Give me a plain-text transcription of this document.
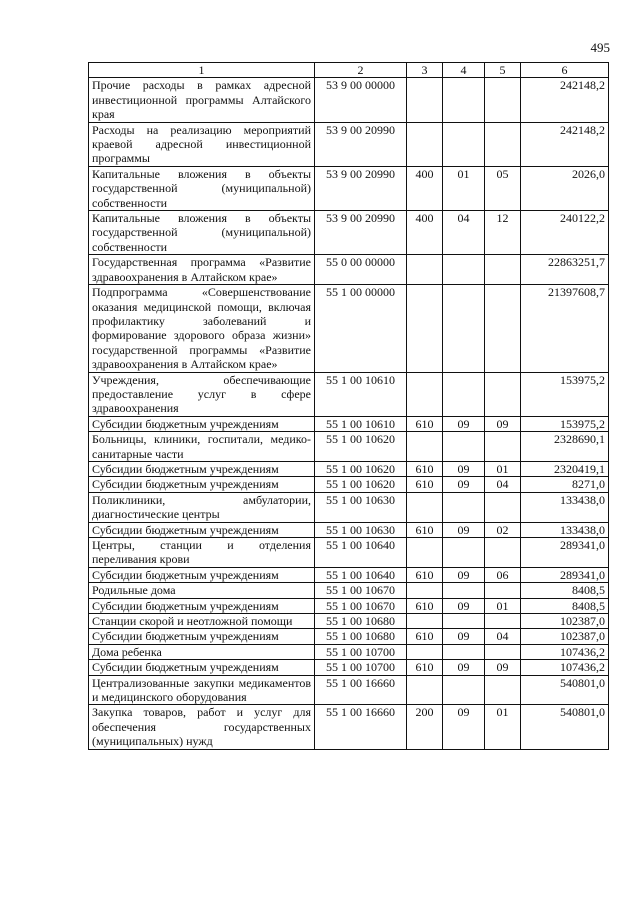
495
1	2	3	4	5	6
Прочие расходы в рамках адресной инвестиционной программы Алтайского края	53 9 00 00000				242148,2
Расходы на реализацию мероприятий краевой адресной инвестиционной программы	53 9 00 20990				242148,2
Капитальные вложения в объекты государственной (муниципальной) собственности	53 9 00 20990	400	01	05	2026,0
Капитальные вложения в объекты государственной (муниципальной) собственности	53 9 00 20990	400	04	12	240122,2
Государственная программа «Развитие здравоохранения в Алтайском крае»	55 0 00 00000				22863251,7
Подпрограмма «Совершенствование оказания медицинской помощи, включая профилактику заболеваний и формирование здорового образа жизни» государственной программы «Развитие здравоохранения в Алтайском крае»	55 1 00 00000				21397608,7
Учреждения, обеспечивающие предоставление услуг в сфере здравоохранения	55 1 00 10610				153975,2
Субсидии бюджетным учреждениям	55 1 00 10610	610	09	09	153975,2
Больницы, клиники, госпитали, медико-санитарные части	55 1 00 10620				2328690,1
Субсидии бюджетным учреждениям	55 1 00 10620	610	09	01	2320419,1
Субсидии бюджетным учреждениям	55 1 00 10620	610	09	04	8271,0
Поликлиники, амбулатории, диагностические центры	55 1 00 10630				133438,0
Субсидии бюджетным учреждениям	55 1 00 10630	610	09	02	133438,0
Центры, станции и отделения переливания крови	55 1 00 10640				289341,0
Субсидии бюджетным учреждениям	55 1 00 10640	610	09	06	289341,0
Родильные дома	55 1 00 10670				8408,5
Субсидии бюджетным учреждениям	55 1 00 10670	610	09	01	8408,5
Станции скорой и неотложной помощи	55 1 00 10680				102387,0
Субсидии бюджетным учреждениям	55 1 00 10680	610	09	04	102387,0
Дома ребенка	55 1 00 10700				107436,2
Субсидии бюджетным учреждениям	55 1 00 10700	610	09	09	107436,2
Централизованные закупки медикаментов и медицинского оборудования	55 1 00 16660				540801,0
Закупка товаров, работ и услуг для обеспечения государственных (муниципальных) нужд	55 1 00 16660	200	09	01	540801,0
